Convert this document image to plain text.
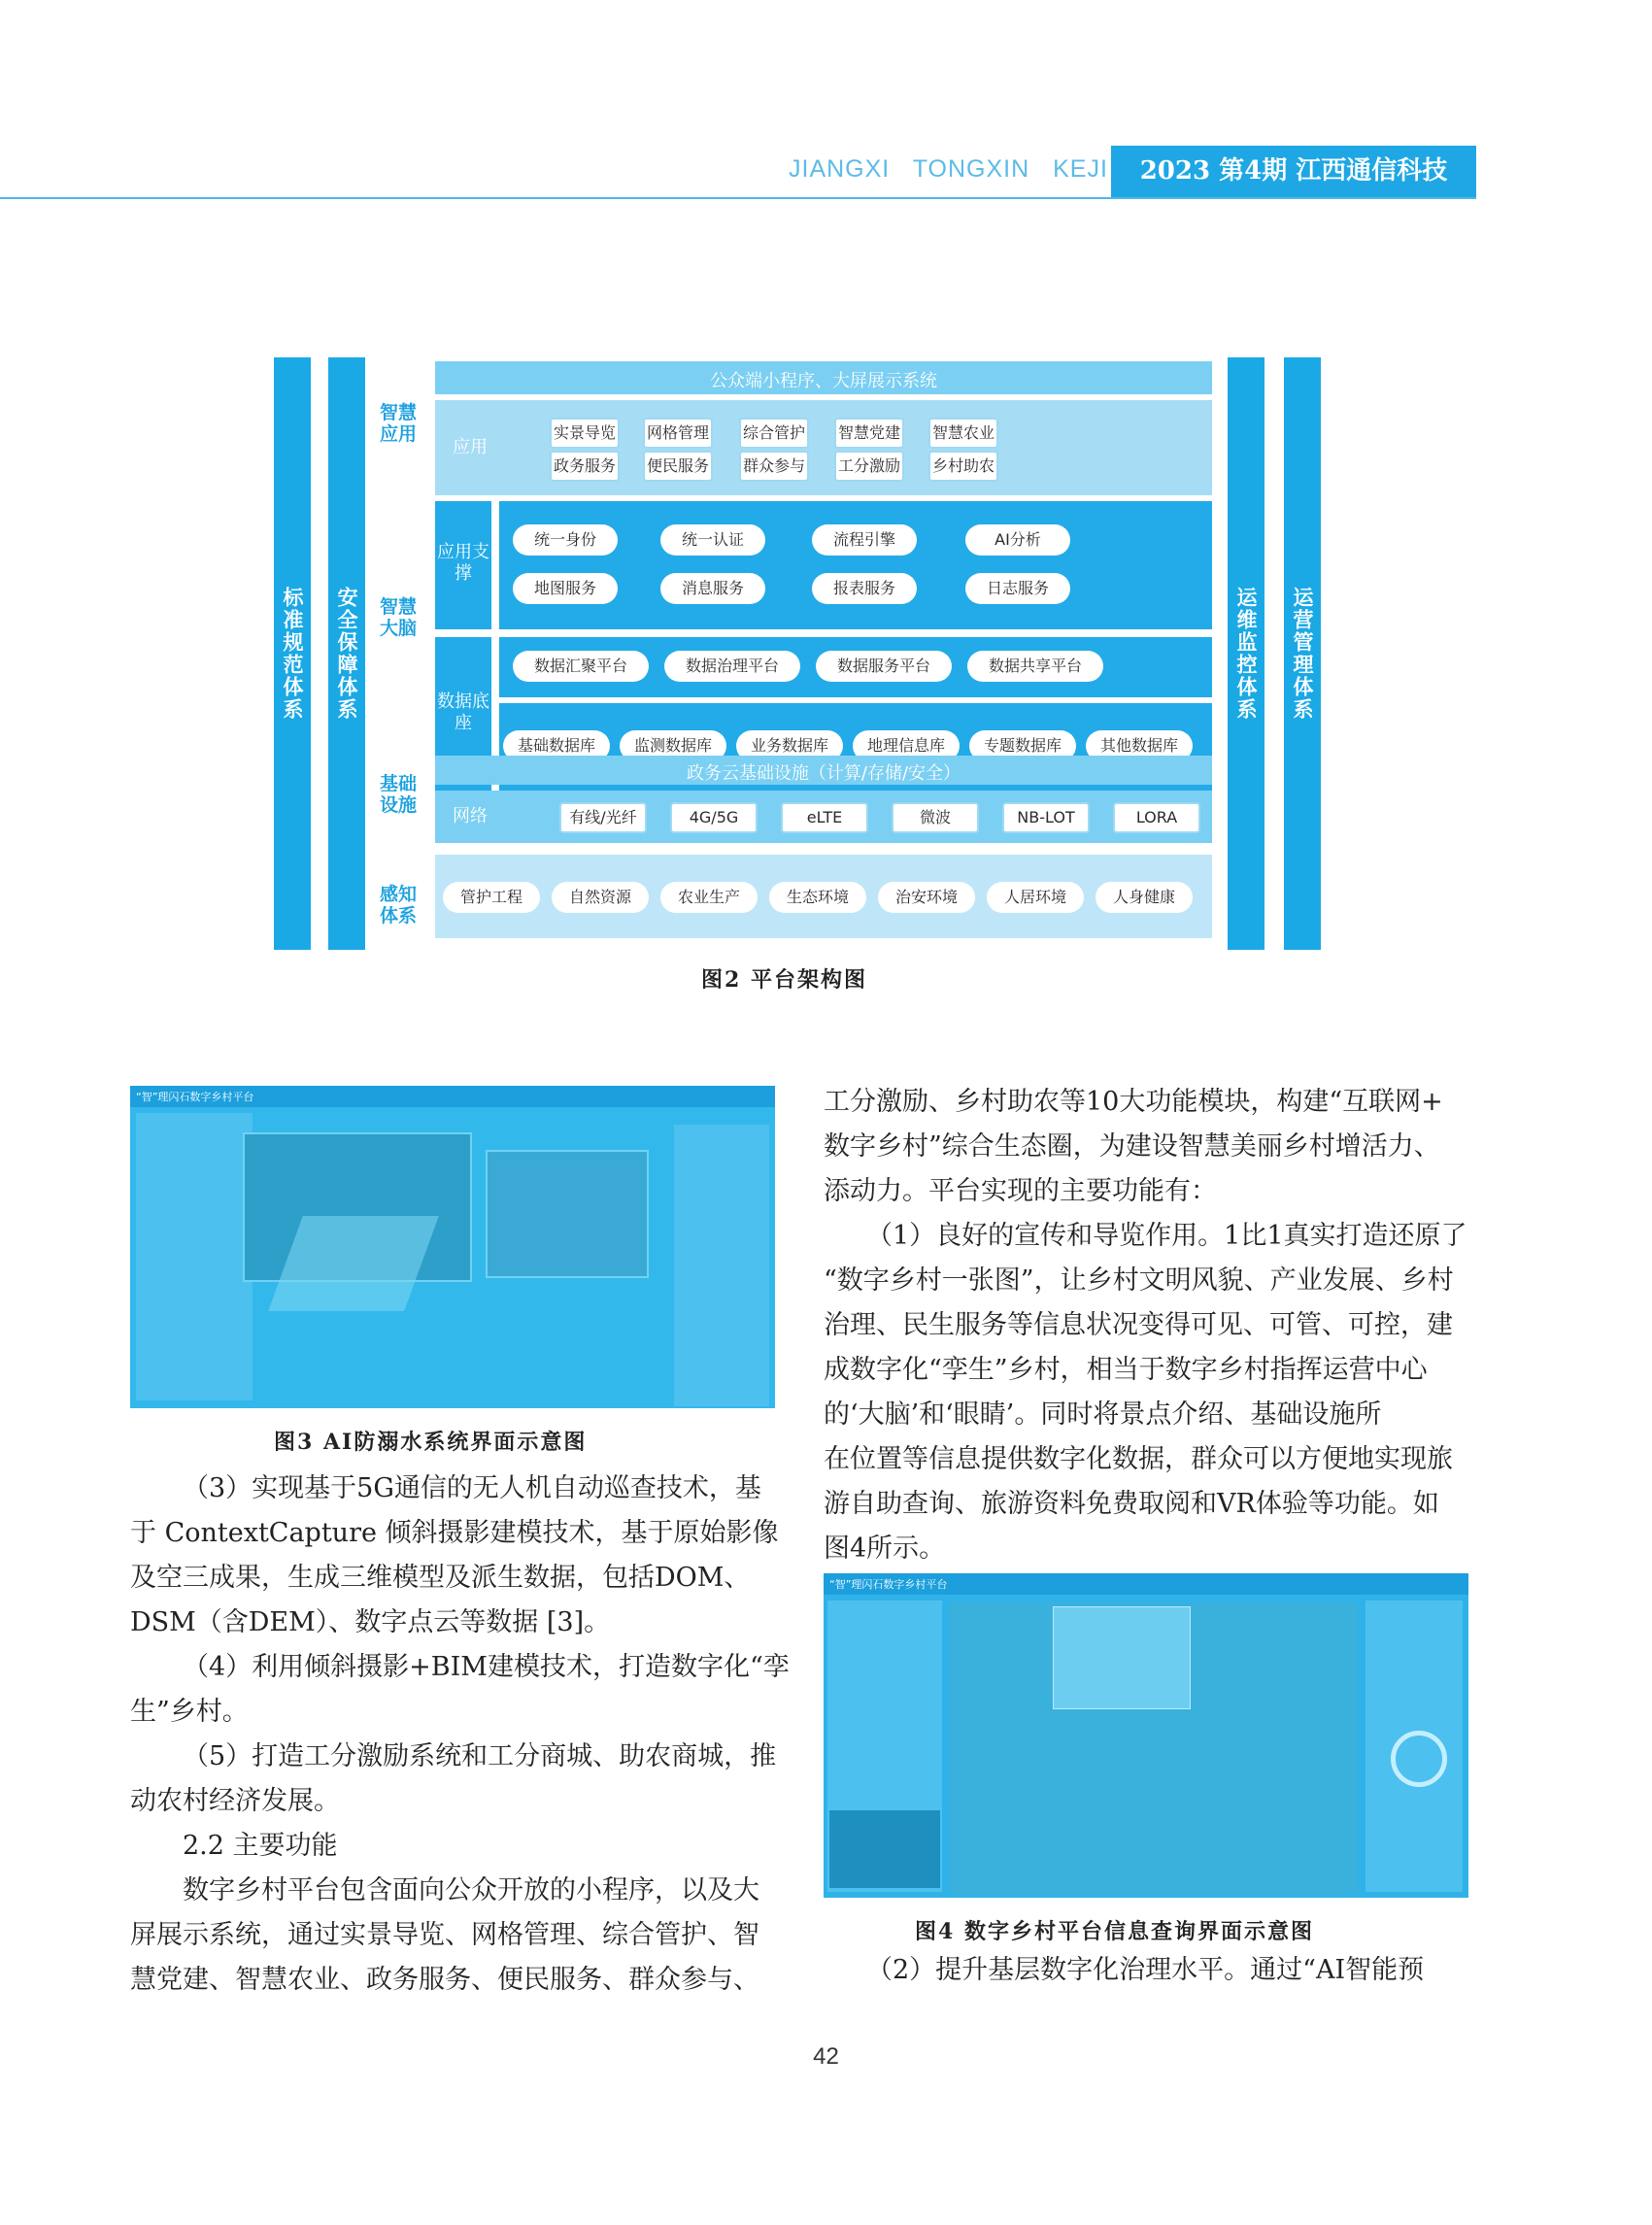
JIANGXI TONGXIN KEJI	2023 第4期 江西通信科技
标准规范体系	安全保障体系	运维监控体系	运营管理体系
智慧应用
智慧大脑
基础设施
感知体系
公众端小程序、大屏展示系统
应用
实景导览 网格管理 综合管护 智慧党建 智慧农业
政务服务 便民服务 群众参与 工分激励 乡村助农
应用支撑
数据底座
统一身份	统一认证	流程引擎	AI分析
地图服务	消息服务	报表服务	日志服务
数据汇聚平台	数据治理平台	数据服务平台	数据共享平台
基础数据库	监测数据库	业务数据库	地理信息库	专题数据库	其他数据库
政务云基础设施（计算/存储/安全）
网络	有线/光纤	4G/5G	eLTE	微波	NB-LOT	LORA
管护工程	自然资源	农业生产	生态环境	治安环境	人居环境	人身健康
图2 平台架构图
“智”理闪石数字乡村平台
图3 AI防溺水系统界面示意图
（3）实现基于5G通信的无人机自动巡查技术，基
于 ContextCapture 倾斜摄影建模技术，基于原始影像
及空三成果，生成三维模型及派生数据，包括DOM、
DSM（含DEM）、数字点云等数据 [3]。
（4）利用倾斜摄影+BIM建模技术，打造数字化“孪
生”乡村。
（5）打造工分激励系统和工分商城、助农商城，推
动农村经济发展。
2.2 主要功能
数字乡村平台包含面向公众开放的小程序，以及大
屏展示系统，通过实景导览、网格管理、综合管护、智
慧党建、智慧农业、政务服务、便民服务、群众参与、
工分激励、乡村助农等10大功能模块，构建“互联网+
数字乡村”综合生态圈，为建设智慧美丽乡村增活力、
添动力。平台实现的主要功能有：
（1）良好的宣传和导览作用。1比1真实打造还原了
“数字乡村一张图”，让乡村文明风貌、产业发展、乡村
治理、民生服务等信息状况变得可见、可管、可控，建
成数字化“孪生”乡村，相当于数字乡村指挥运营中心
的‘大脑’和‘眼睛’。同时将景点介绍、基础设施所
在位置等信息提供数字化数据，群众可以方便地实现旅
游自助查询、旅游资料免费取阅和VR体验等功能。如
图4所示。
“智”理闪石数字乡村平台
图4 数字乡村平台信息查询界面示意图
（2）提升基层数字化治理水平。通过“AI智能预
42
